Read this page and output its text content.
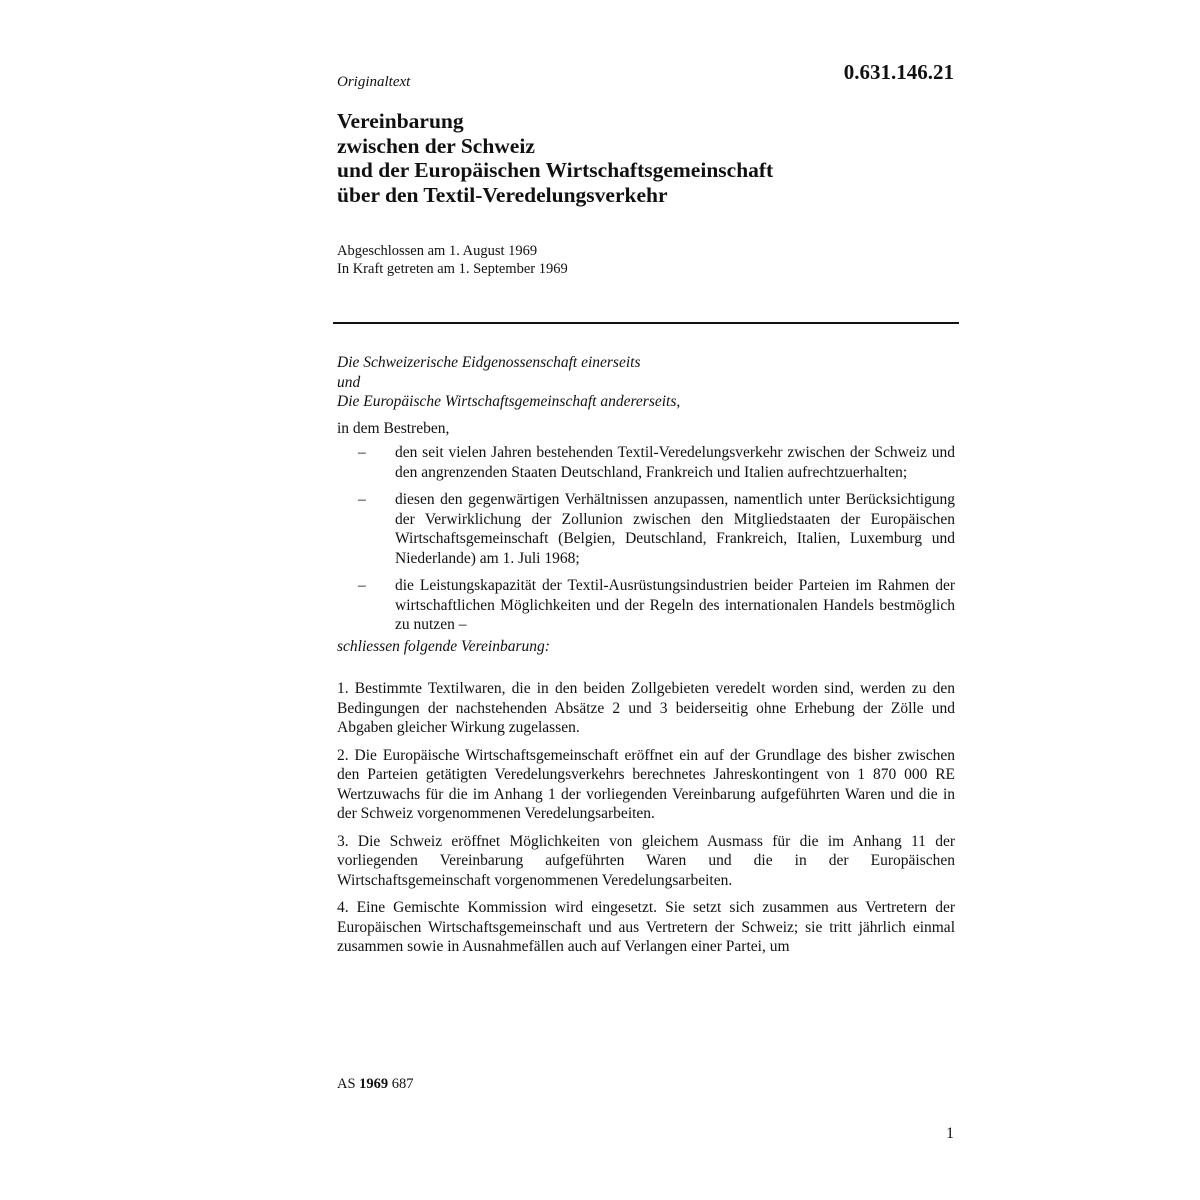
0.631.146.21
Originaltext
Vereinbarung
zwischen der Schweiz
und der Europäischen Wirtschaftsgemeinschaft
über den Textil-Veredelungsverkehr
Abgeschlossen am 1. August 1969
In Kraft getreten am 1. September 1969
Die Schweizerische Eidgenossenschaft einerseits
und
Die Europäische Wirtschaftsgemeinschaft andererseits,
in dem Bestreben,
– den seit vielen Jahren bestehenden Textil-Veredelungsverkehr zwischen der Schweiz und den angrenzenden Staaten Deutschland, Frankreich und Italien aufrechtzuerhalten;
– diesen den gegenwärtigen Verhältnissen anzupassen, namentlich unter Berücksichtigung der Verwirklichung der Zollunion zwischen den Mitgliedstaaten der Europäischen Wirtschaftsgemeinschaft (Belgien, Deutschland, Frankreich, Italien, Luxemburg und Niederlande) am 1. Juli 1968;
– die Leistungskapazität der Textil-Ausrüstungsindustrien beider Parteien im Rahmen der wirtschaftlichen Möglichkeiten und der Regeln des internationalen Handels bestmöglich zu nutzen –
schliessen folgende Vereinbarung:
1. Bestimmte Textilwaren, die in den beiden Zollgebieten veredelt worden sind, werden zu den Bedingungen der nachstehenden Absätze 2 und 3 beiderseitig ohne Erhebung der Zölle und Abgaben gleicher Wirkung zugelassen.
2. Die Europäische Wirtschaftsgemeinschaft eröffnet ein auf der Grundlage des bisher zwischen den Parteien getätigten Veredelungsverkehrs berechnetes Jahreskontingent von 1 870 000 RE Wertzuwachs für die im Anhang 1 der vorliegenden Vereinbarung aufgeführten Waren und die in der Schweiz vorgenommenen Veredelungsarbeiten.
3. Die Schweiz eröffnet Möglichkeiten von gleichem Ausmass für die im Anhang 11 der vorliegenden Vereinbarung aufgeführten Waren und die in der Europäischen Wirtschaftsgemeinschaft vorgenommenen Veredelungsarbeiten.
4. Eine Gemischte Kommission wird eingesetzt. Sie setzt sich zusammen aus Vertretern der Europäischen Wirtschaftsgemeinschaft und aus Vertretern der Schweiz; sie tritt jährlich einmal zusammen sowie in Ausnahmefällen auch auf Verlangen einer Partei, um
AS 1969 687
1
